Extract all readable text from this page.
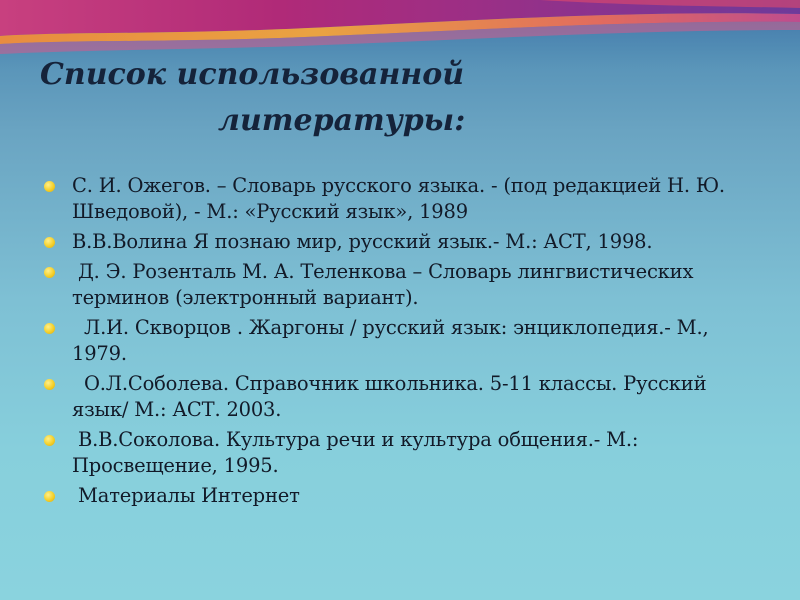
Список использованной
литературы:
С. И. Ожегов. – Словарь русского языка. - (под редакцией Н. Ю. Шведовой), - М.: «Русский язык», 1989
В.В.Волина Я познаю мир, русский язык.- М.: АСТ, 1998.
Д. Э. Розенталь М. А. Теленкова – Словарь лингвистических терминов (электронный вариант).
Л.И. Скворцов . Жаргоны / русский язык: энциклопедия.- М., 1979.
О.Л.Соболева. Справочник школьника. 5-11 классы. Русский язык/ М.: АСТ. 2003.
В.В.Соколова. Культура речи и культура общения.- М.: Просвещение, 1995.
Материалы Интернет
